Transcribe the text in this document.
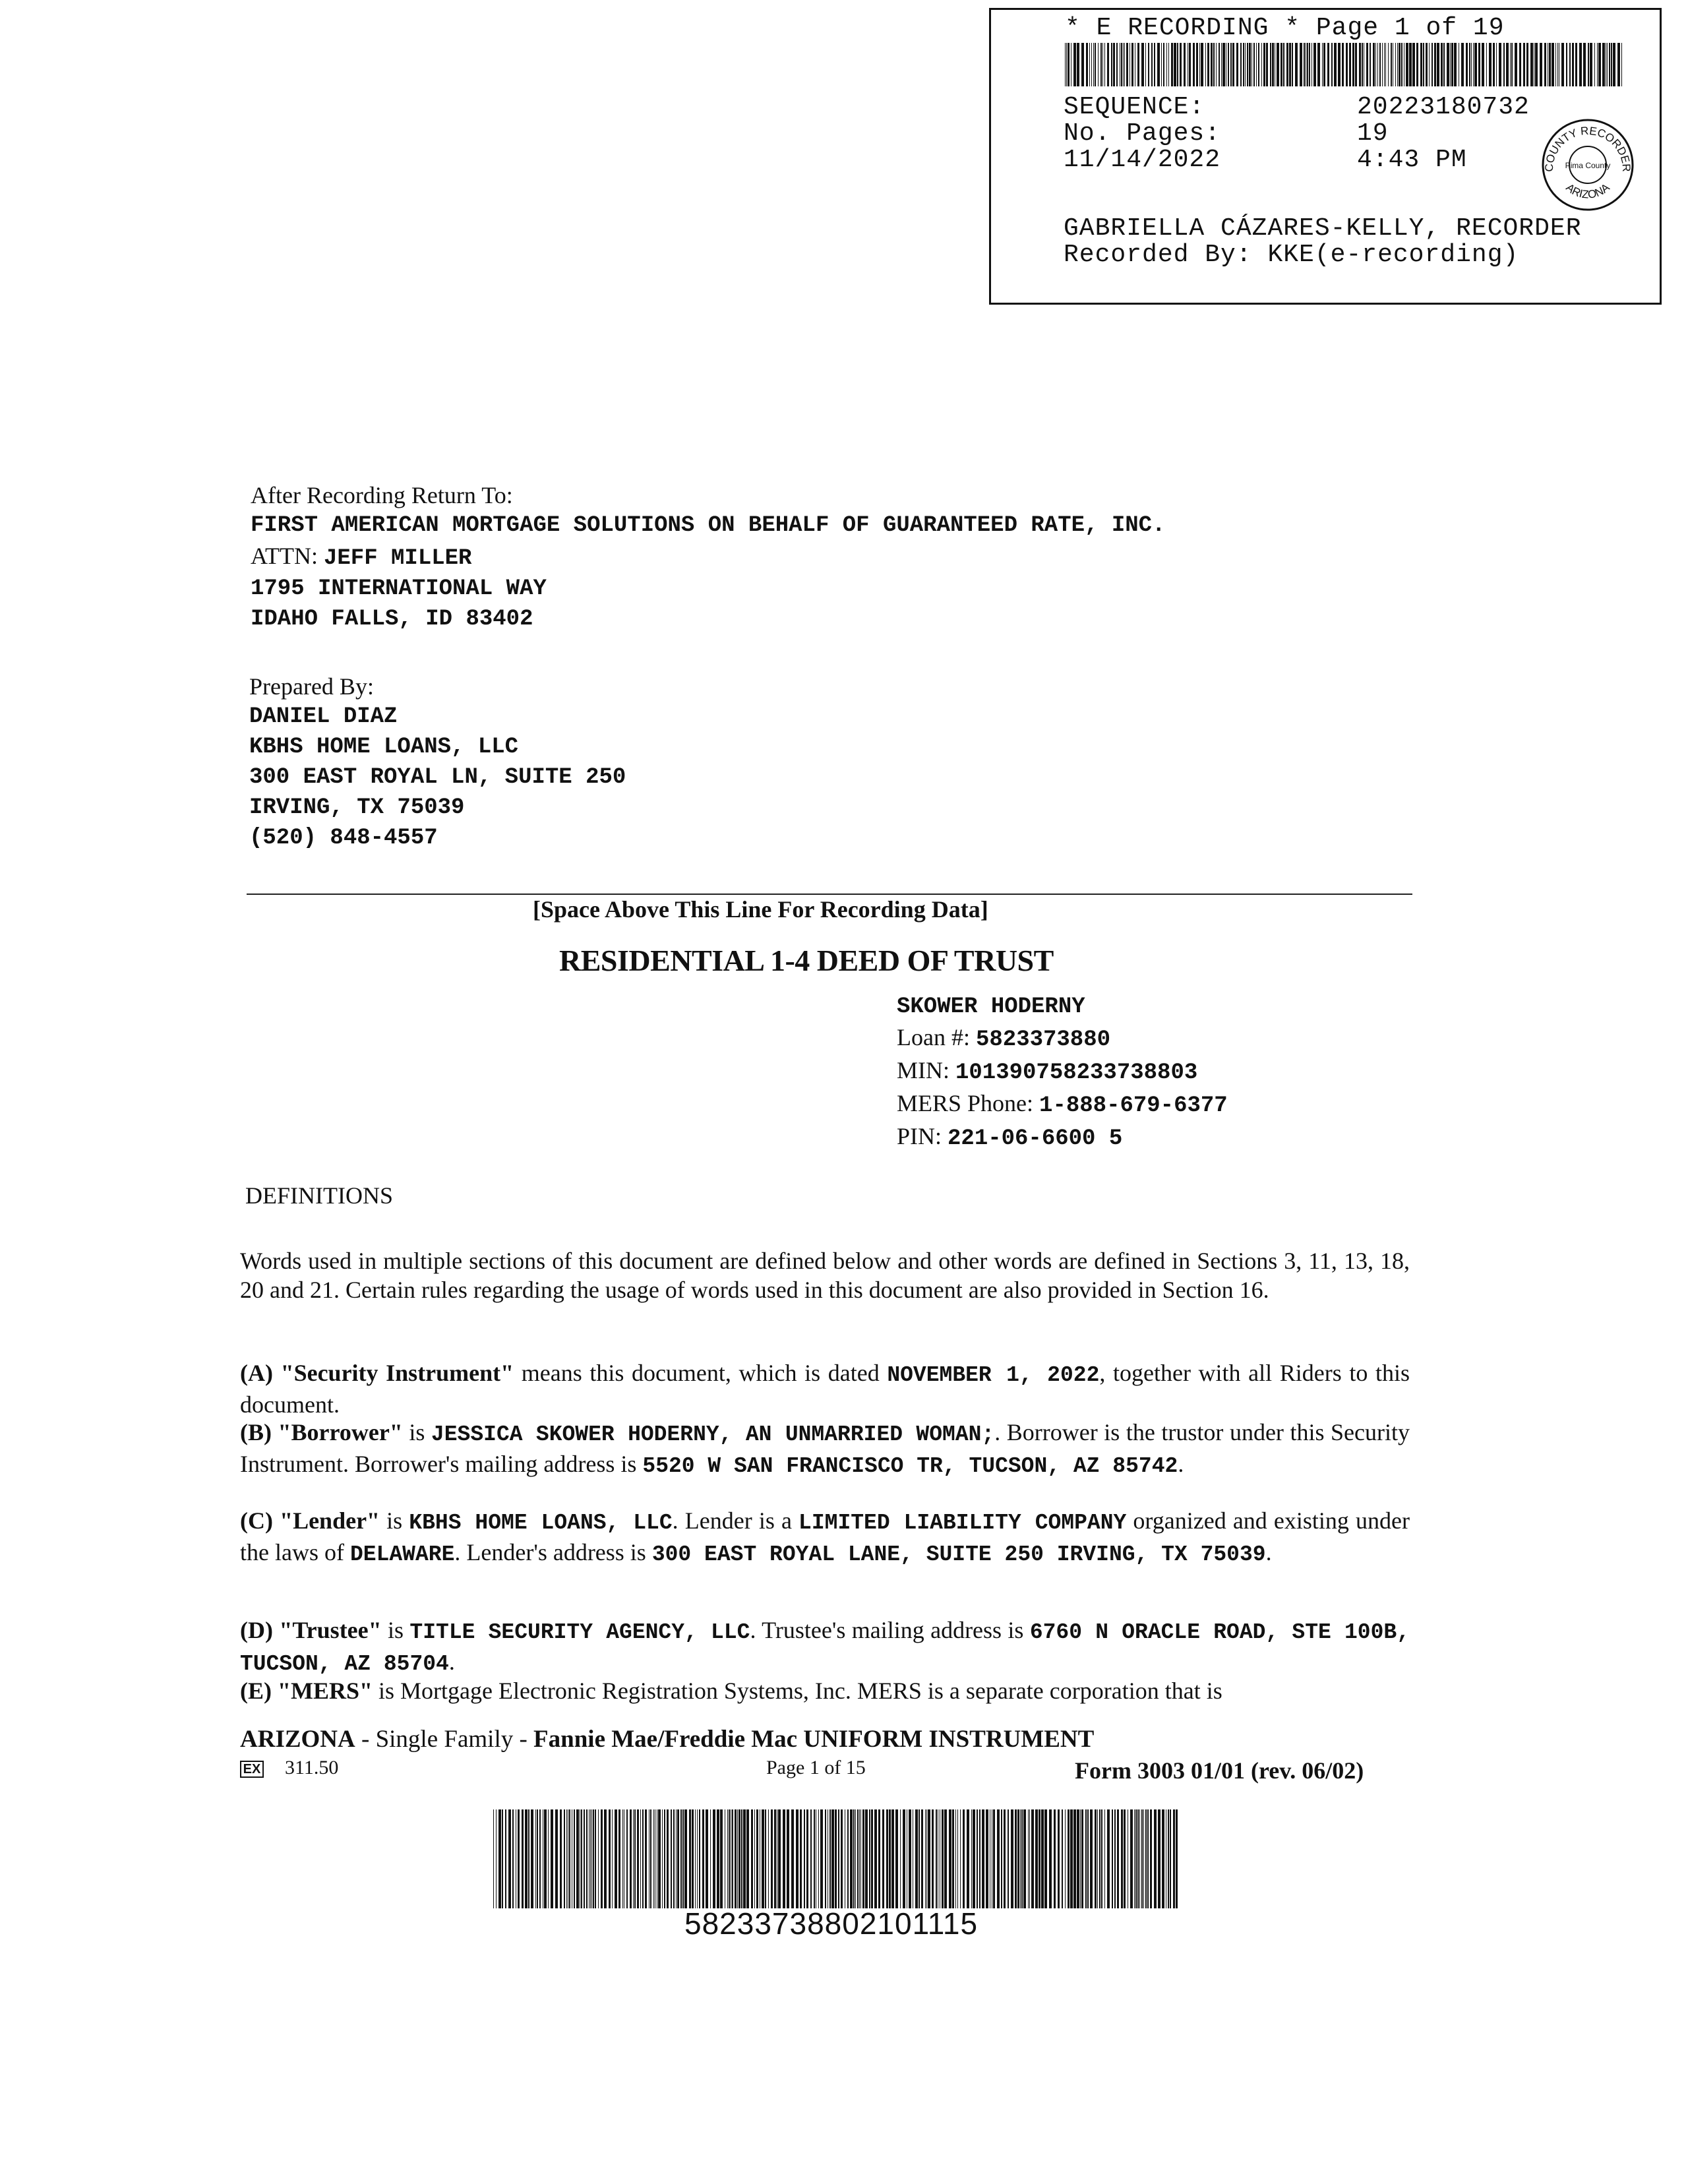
* E RECORDING * Page 1 of 19
SEQUENCE:	20223180732
No. Pages:	19
11/14/2022	4:43 PM	COUNTY RECORDER
Pima County
ARIZONA
GABRIELLA CÁZARES-KELLY, RECORDER
Recorded By: KKE(e-recording)
After Recording Return To:
FIRST AMERICAN MORTGAGE SOLUTIONS ON BEHALF OF GUARANTEED RATE, INC.
ATTN: JEFF MILLER
1795 INTERNATIONAL WAY
IDAHO FALLS, ID 83402
Prepared By:
DANIEL DIAZ
KBHS HOME LOANS, LLC
300 EAST ROYAL LN, SUITE 250
IRVING, TX 75039
(520) 848-4557
[Space Above This Line For Recording Data]
RESIDENTIAL 1-4 DEED OF TRUST
SKOWER HODERNY
Loan #: 5823373880
MIN: 101390758233738803
MERS Phone: 1-888-679-6377
PIN: 221-06-6600 5
DEFINITIONS
Words used in multiple sections of this document are defined below and other words are defined in Sections 3, 11, 13, 18, 20 and 21. Certain rules regarding the usage of words used in this document are also provided in Section 16.
(A) "Security Instrument" means this document, which is dated NOVEMBER 1, 2022, together with all Riders to this document.
(B) "Borrower" is JESSICA SKOWER HODERNY, AN UNMARRIED WOMAN;. Borrower is the trustor under this Security Instrument. Borrower's mailing address is 5520 W SAN FRANCISCO TR, TUCSON, AZ 85742.
(C) "Lender" is KBHS HOME LOANS, LLC. Lender is a LIMITED LIABILITY COMPANY organized and existing under the laws of DELAWARE. Lender's address is 300 EAST ROYAL LANE, SUITE 250 IRVING, TX 75039.
(D) "Trustee" is TITLE SECURITY AGENCY, LLC. Trustee's mailing address is 6760 N ORACLE ROAD, STE 100B, TUCSON, AZ 85704.
(E) "MERS" is Mortgage Electronic Registration Systems, Inc. MERS is a separate corporation that is
ARIZONA - Single Family - Fannie Mae/Freddie Mac UNIFORM INSTRUMENT
EX 311.50	Page 1 of 15	Form 3003 01/01 (rev. 06/02)
58233738802101115
